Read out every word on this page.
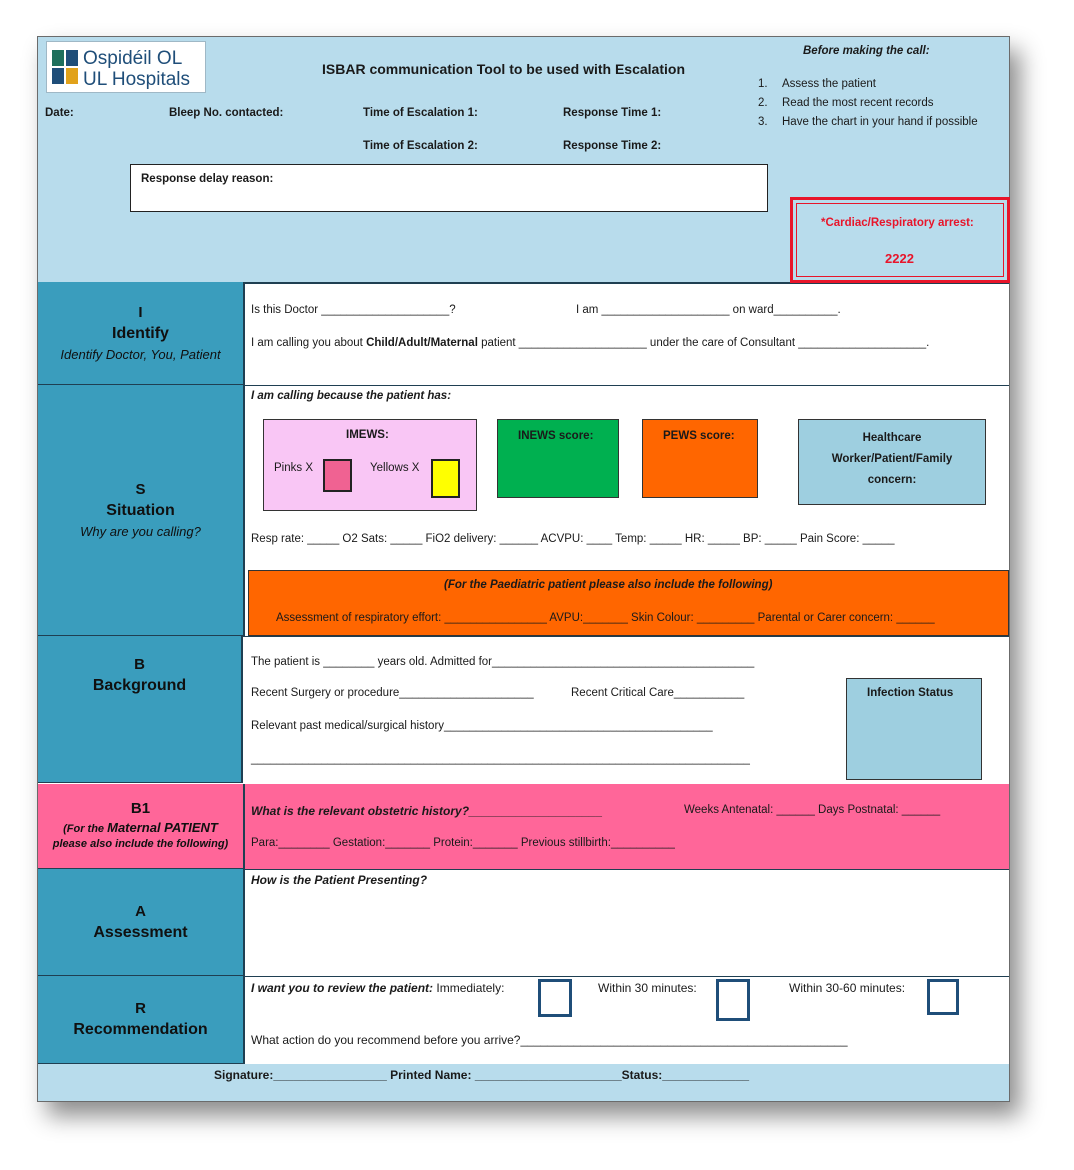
Ospidéil OL
UL Hospitals	ISBAR communication Tool to be used with Escalation
Date:	Bleep No. contacted:	Time of Escalation 1:	Response Time 1:
Time of Escalation 2:	Response Time 2:
Before making the call:
1. Assess the patient
2. Read the most recent records
3. Have the chart in your hand if possible
Response delay reason:
*Cardiac/Respiratory arrest:
2222
I
Identify
Identify Doctor, You, Patient
Is this Doctor ____________________?	I am ____________________ on ward__________.
I am calling you about Child/Adult/Maternal patient ____________________ under the care of Consultant ____________________.
S
Situation
Why are you calling?
I am calling because the patient has:
IMEWS:
Pinks X	Yellows X
INEWS score:	PEWS score:	Healthcare Worker/Patient/Family concern:
Resp rate: _____ O2 Sats: _____ FiO2 delivery: ______ ACVPU: ____ Temp: _____ HR: _____ BP: _____ Pain Score: _____
(For the Paediatric patient please also include the following)
Assessment of respiratory effort: ________________ AVPU:_______ Skin Colour: _________ Parental or Carer concern: ______
B
Background
The patient is ________ years old. Admitted for_________________________________________
Recent Surgery or procedure_____________________	Recent Critical Care___________
Relevant past medical/surgical history__________________________________________
______________________________________________________________________________
Infection Status
B1
(For the Maternal PATIENT
please also include the following)
What is the relevant obstetric history?____________________	Weeks Antenatal: ______ Days Postnatal: ______
Para:________ Gestation:_______ Protein:_______ Previous stillbirth:__________
A
Assessment
How is the Patient Presenting?
R
Recommendation
I want you to review the patient: Immediately:	Within 30 minutes:	Within 30-60 minutes:
What action do you recommend before you arrive?_________________________________________________
Signature:_________________ Printed Name: ______________________Status:_____________
